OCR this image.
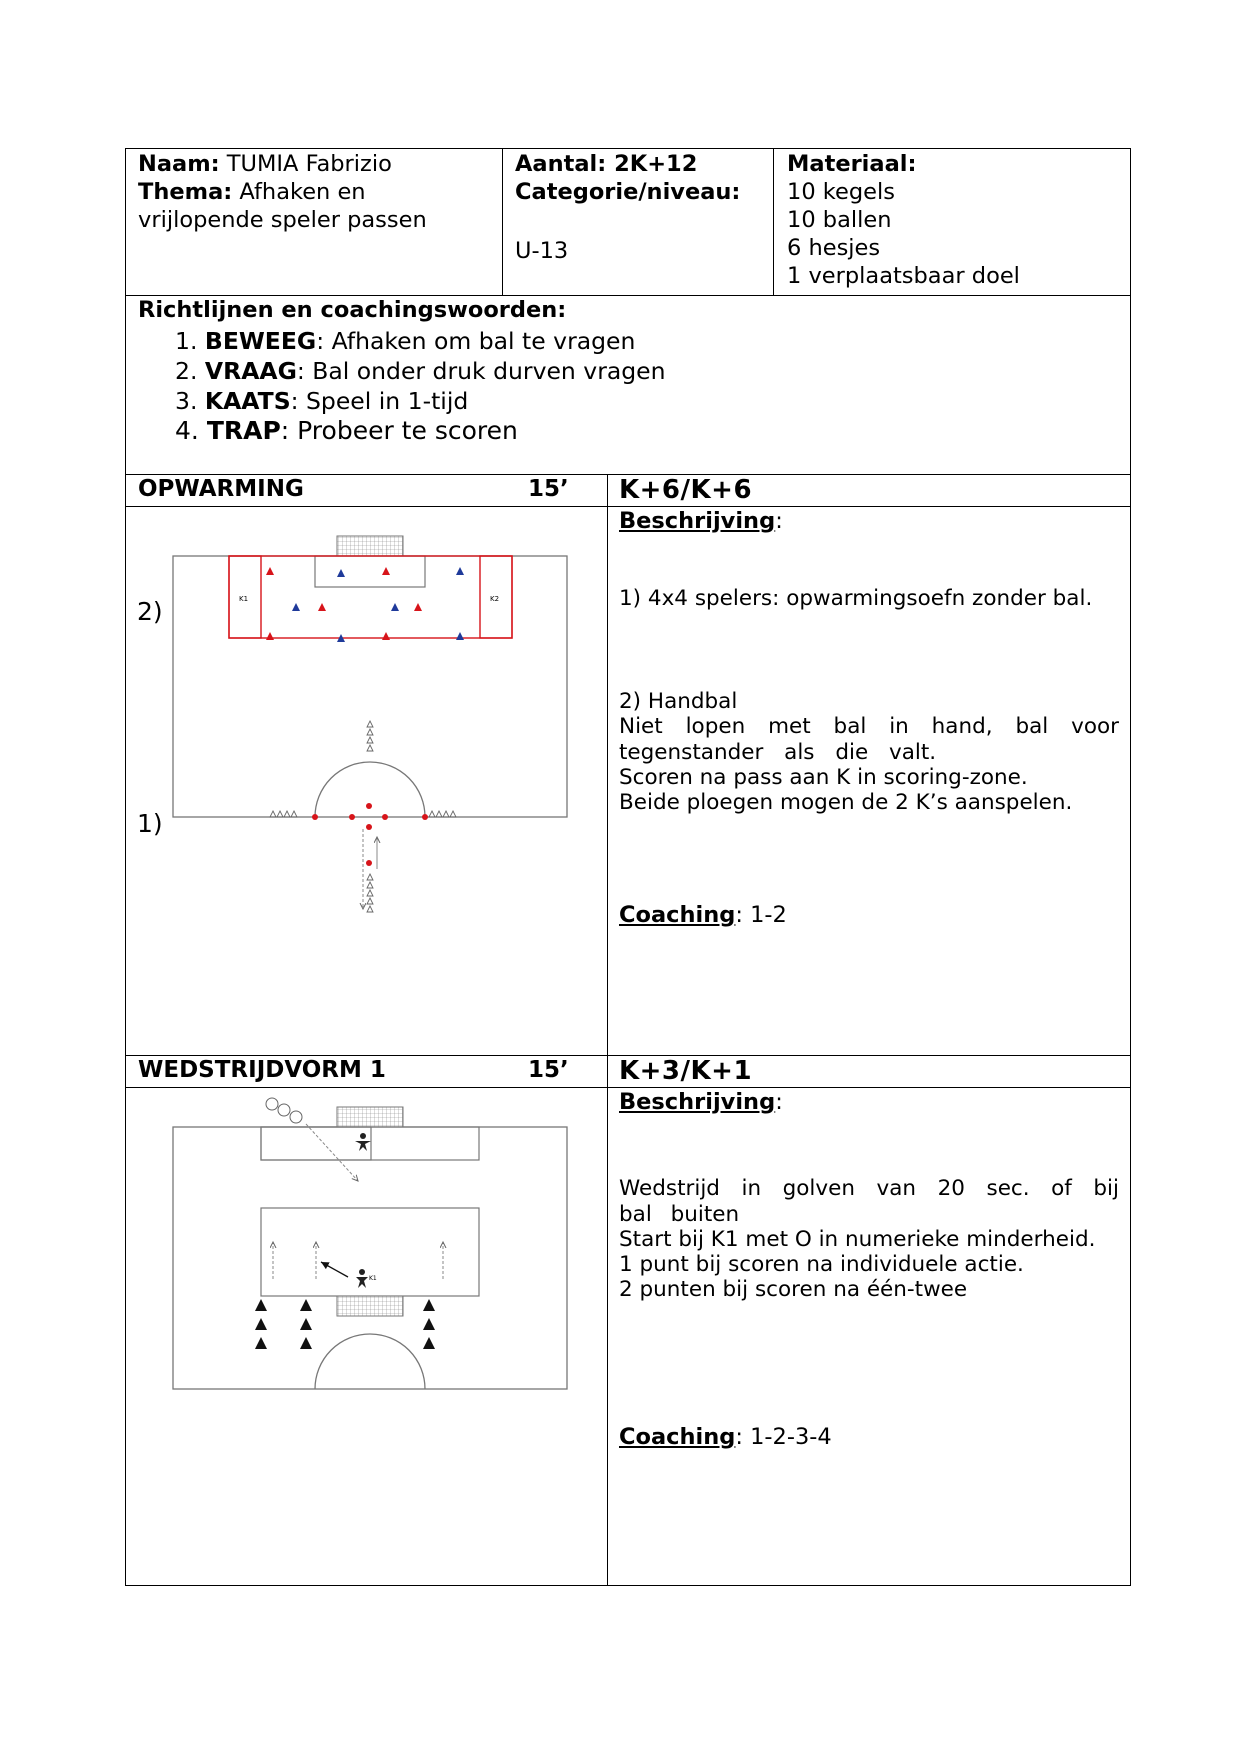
Naam: TUMIA Fabrizio
Thema: Afhaken en
vrijlopende speler passen
Aantal: 2K+12
Categorie/niveau:
U-13
Materiaal:
10 kegels
10 ballen
6 hesjes
1 verplaatsbaar doel
Richtlijnen en coachingswoorden:
1. BEWEEG: Afhaken om bal te vragen
2. VRAAG: Bal onder druk durven vragen
3. KAATS: Speel in 1-tijd
4. TRAP: Probeer te scoren
OPWARMING	15’ K+6/K+6
Beschrijving:
1) 4x4 spelers: opwarmingsoefn zonder bal.
2) Handbal
Niet lopen met bal in hand, bal voor tegenstander als die valt.
Scoren na pass aan K in scoring-zone.
Beide ploegen mogen de 2 K’s aanspelen.
Coaching: 1-2
2)
1)
K1	K2
WEDSTRIJDVORM 1	15’ K+3/K+1
Beschrijving:
Wedstrijd in golven van 20 sec. of bij bal buiten
Start bij K1 met O in numerieke minderheid.
1 punt bij scoren na individuele actie.
2 punten bij scoren na één-twee
Coaching: 1-2-3-4
K1
